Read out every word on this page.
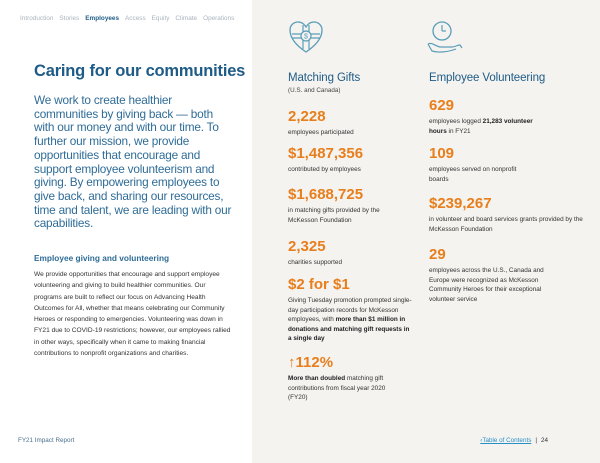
Introduction Stories Employees Access Equity Climate Operations
Caring for our communities

We work to create healthier communities by giving back — both with our money and with our time. To further our mission, we provide opportunities that encourage and support employee volunteerism and giving. By empowering employees to give back, and sharing our resources, time and talent, we are leading with our capabilities.

Employee giving and volunteering

We provide opportunities that encourage and support employee volunteering and giving to build healthier communities. Our programs are built to reflect our focus on Advancing Health Outcomes for All, whether that means celebrating our Community Heroes or responding to emergencies. Volunteering was down in FY21 due to COVID-19 restrictions; however, our employees rallied in other ways, specifically when it came to making financial contributions to nonprofit organizations and charities.

FY21 Impact Report
$
Matching Gifts
(U.S. and Canada)
Employee Volunteering
2,228
employees participated
$1,487,356
contributed by employees
$1,688,725
in matching gifts provided by the McKesson Foundation
2,325
charities supported
$2 for $1
Giving Tuesday promotion prompted single-day participation records for McKesson employees, with more than $1 million in donations and matching gift requests in a single day
↑112%
More than doubled matching gift contributions from fiscal year 2020 (FY20)
629
employees logged 21,283 volunteer hours in FY21
109
employees served on nonprofit boards
$239,267
in volunteer and board services grants provided by the McKesson Foundation
29
employees across the U.S., Canada and Europe were recognized as McKesson Community Heroes for their exceptional volunteer service
‹Table of Contents | 24
